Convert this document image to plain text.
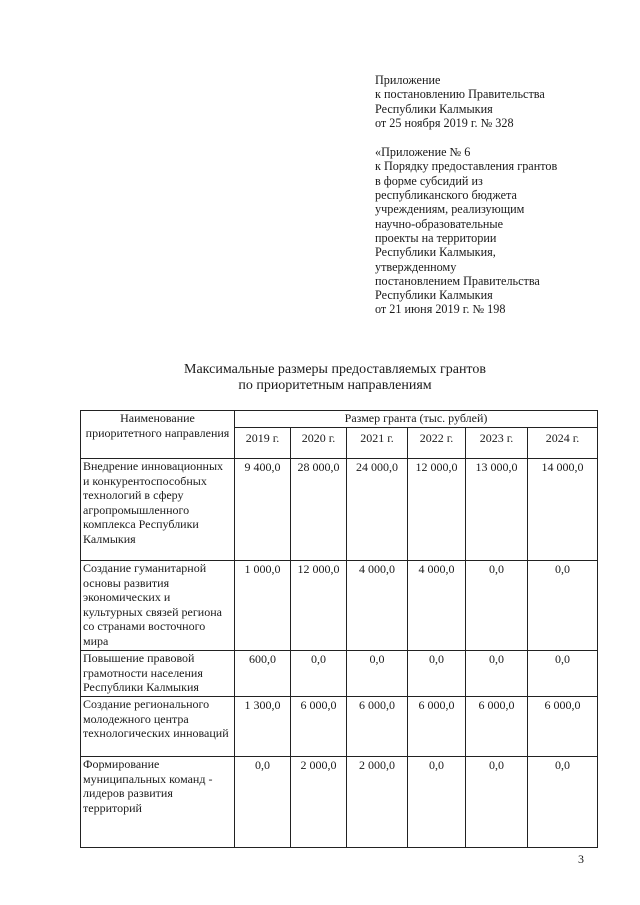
Приложение
к постановлению Правительства
Республики Калмыкия
от 25 ноября 2019 г. № 328
«Приложение № 6
к Порядку предоставления грантов
в форме субсидий из
республиканского бюджета
учреждениям, реализующим
научно-образовательные
проекты на территории
Республики Калмыкия,
утвержденному
постановлением Правительства
Республики Калмыкия
от 21 июня 2019 г. № 198
Максимальные размеры предоставляемых грантов
по приоритетным направлениям
Наименование приоритетного направления	Размер гранта (тыс. рублей)					
	2019 г.	2020 г.	2021 г.	2022 г.	2023 г.	2024 г.
Внедрение инновационных и конкурентоспособных технологий в сферу агропромышленного комплекса Республики Калмыкия	9 400,0	28 000,0	24 000,0	12 000,0	13 000,0	14 000,0
Создание гуманитарной основы развития экономических и культурных связей региона со странами восточного мира	1 000,0	12 000,0	4 000,0	4 000,0	0,0	0,0
Повышение правовой грамотности населения Республики Калмыкия	600,0	0,0	0,0	0,0	0,0	0,0
Создание регионального молодежного центра технологических инноваций	1 300,0	6 000,0	6 000,0	6 000,0	6 000,0	6 000,0
Формирование муниципальных команд - лидеров развития территорий	0,0	2 000,0	2 000,0	0,0	0,0	0,0
3
